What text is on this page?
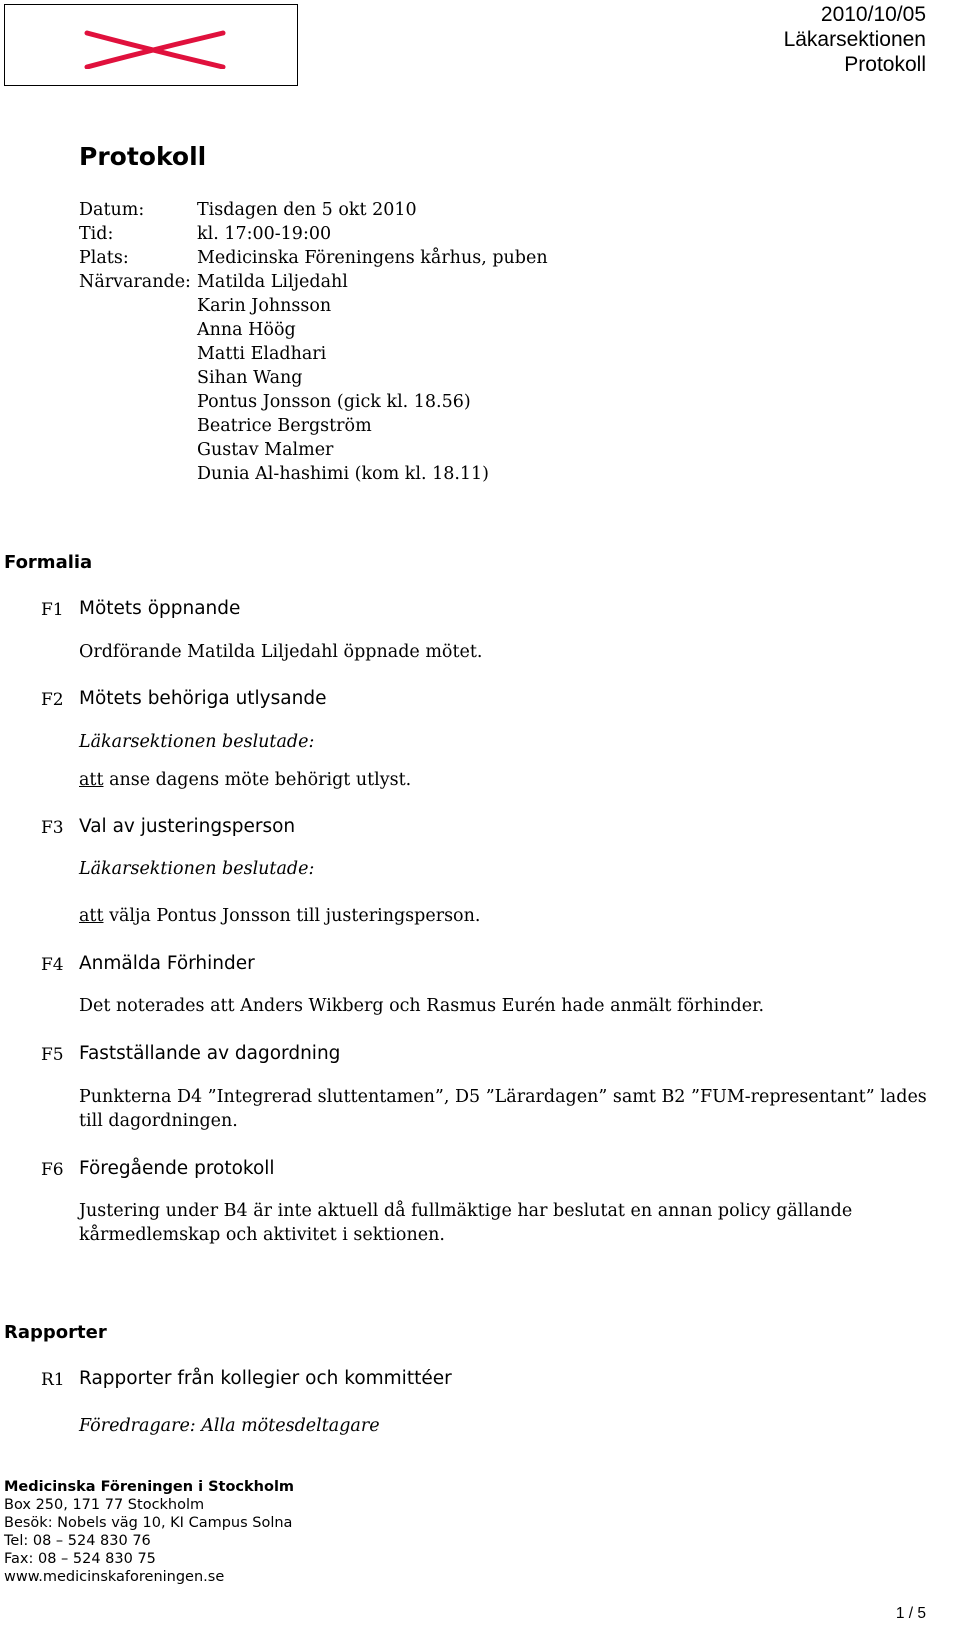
2010/10/05
Läkarsektionen
Protokoll
Protokoll
Datum:	Tisdagen den 5 okt 2010
Tid:	kl. 17:00-19:00
Plats:	Medicinska Föreningens kårhus, puben
Närvarande: Matilda Liljedahl
Karin Johnsson
Anna Höög
Matti Eladhari
Sihan Wang
Pontus Jonsson (gick kl. 18.56)
Beatrice Bergström
Gustav Malmer
Dunia Al-hashimi (kom kl. 18.11)
Formalia
F1 Mötets öppnande
Ordförande Matilda Liljedahl öppnade mötet.
F2 Mötets behöriga utlysande
Läkarsektionen beslutade:
att anse dagens möte behörigt utlyst.
F3 Val av justeringsperson
Läkarsektionen beslutade:
att välja Pontus Jonsson till justeringsperson.
F4 Anmälda Förhinder
Det noterades att Anders Wikberg och Rasmus Eurén hade anmält förhinder.
F5 Fastställande av dagordning
Punkterna D4 ”Integrerad sluttentamen”, D5 ”Lärardagen” samt B2 ”FUM-representant” lades till dagordningen.
F6 Föregående protokoll
Justering under B4 är inte aktuell då fullmäktige har beslutat en annan policy gällande kårmedlemskap och aktivitet i sektionen.
Rapporter
R1 Rapporter från kollegier och kommittéer
Föredragare: Alla mötesdeltagare
Medicinska Föreningen i Stockholm
Box 250, 171 77 Stockholm
Besök: Nobels väg 10, KI Campus Solna
Tel: 08 – 524 830 76
Fax: 08 – 524 830 75
www.medicinskaforeningen.se
1 / 5
